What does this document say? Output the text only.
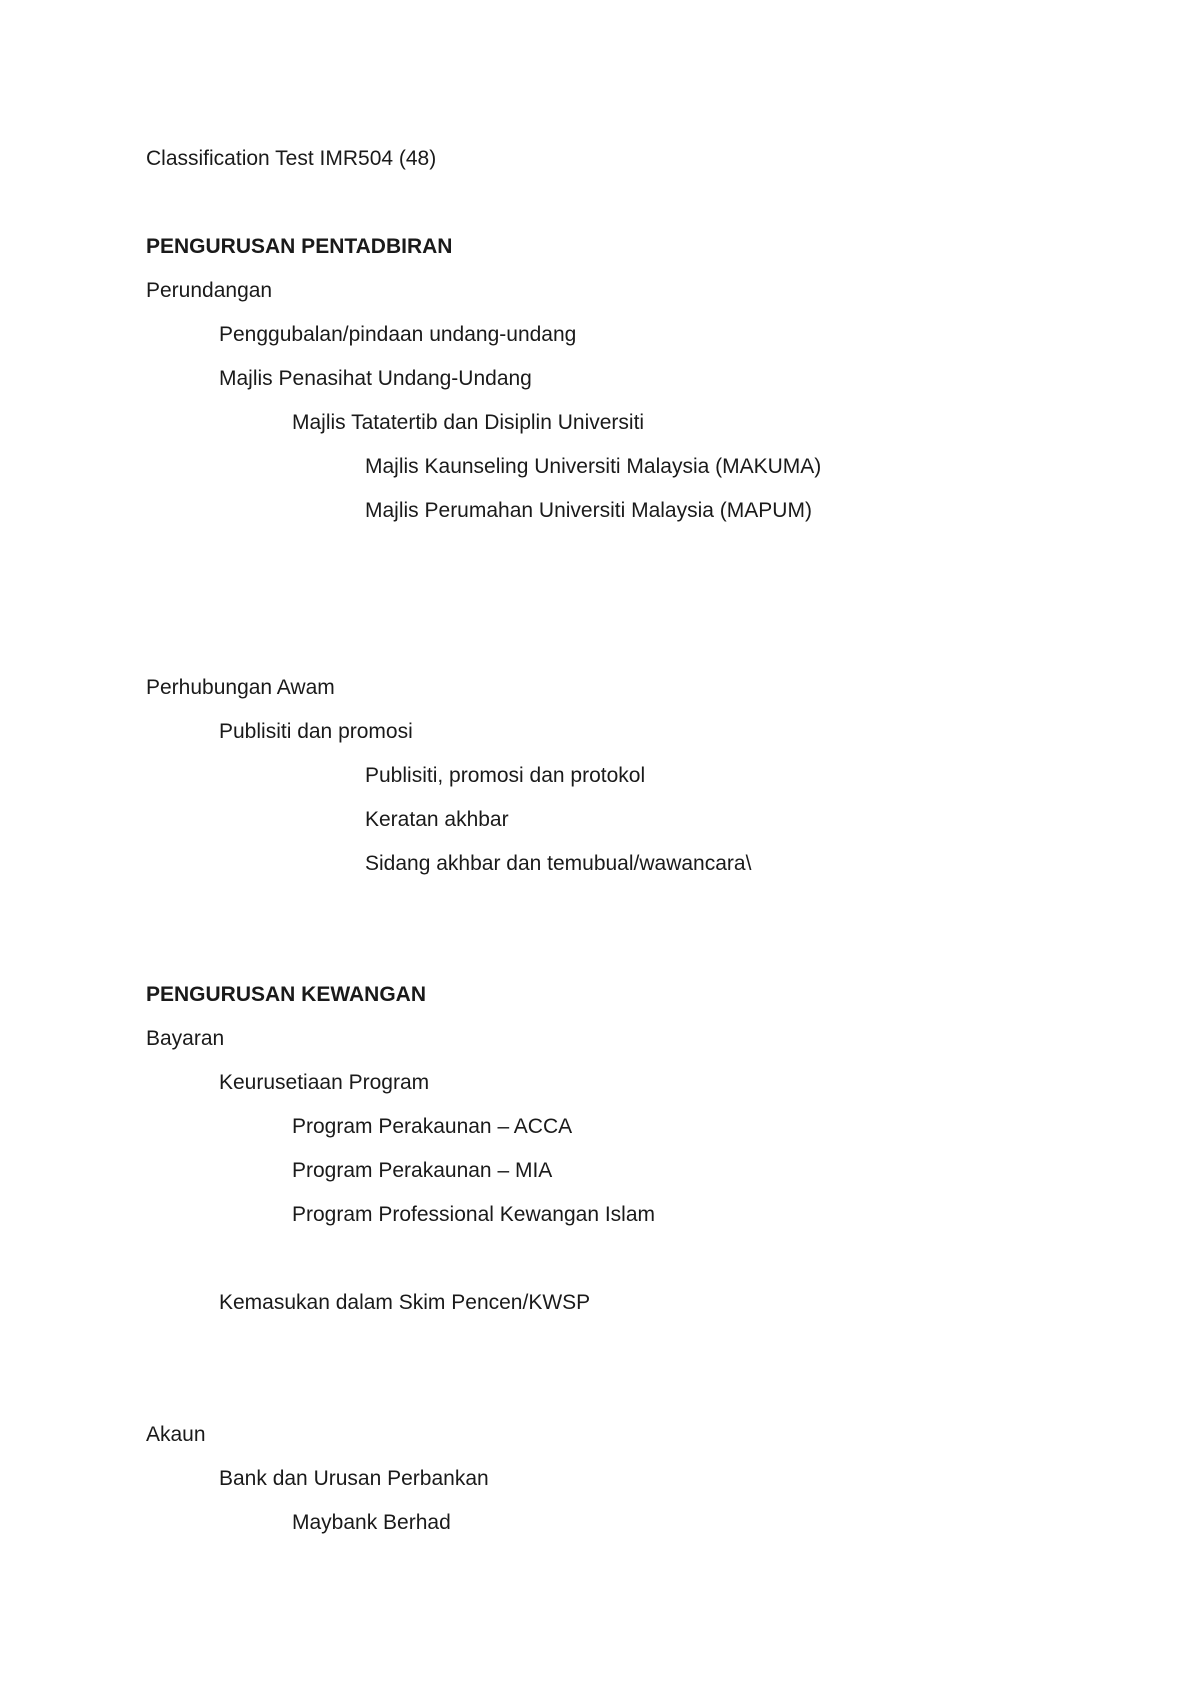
Classification Test IMR504 (48)

PENGURUSAN PENTADBIRAN

Perundangan

Penggubalan/pindaan undang-undang

Majlis Penasihat Undang-Undang

Majlis Tatatertib dan Disiplin Universiti

Majlis Kaunseling Universiti Malaysia (MAKUMA)

Majlis Perumahan Universiti Malaysia (MAPUM)

Perhubungan Awam

Publisiti dan promosi

Publisiti, promosi dan protokol

Keratan akhbar

Sidang akhbar dan temubual/wawancara\

PENGURUSAN KEWANGAN

Bayaran

Keurusetiaan Program

Program Perakaunan – ACCA

Program Perakaunan – MIA

Program Professional Kewangan Islam

Kemasukan dalam Skim Pencen/KWSP

Akaun

Bank dan Urusan Perbankan

Maybank Berhad
